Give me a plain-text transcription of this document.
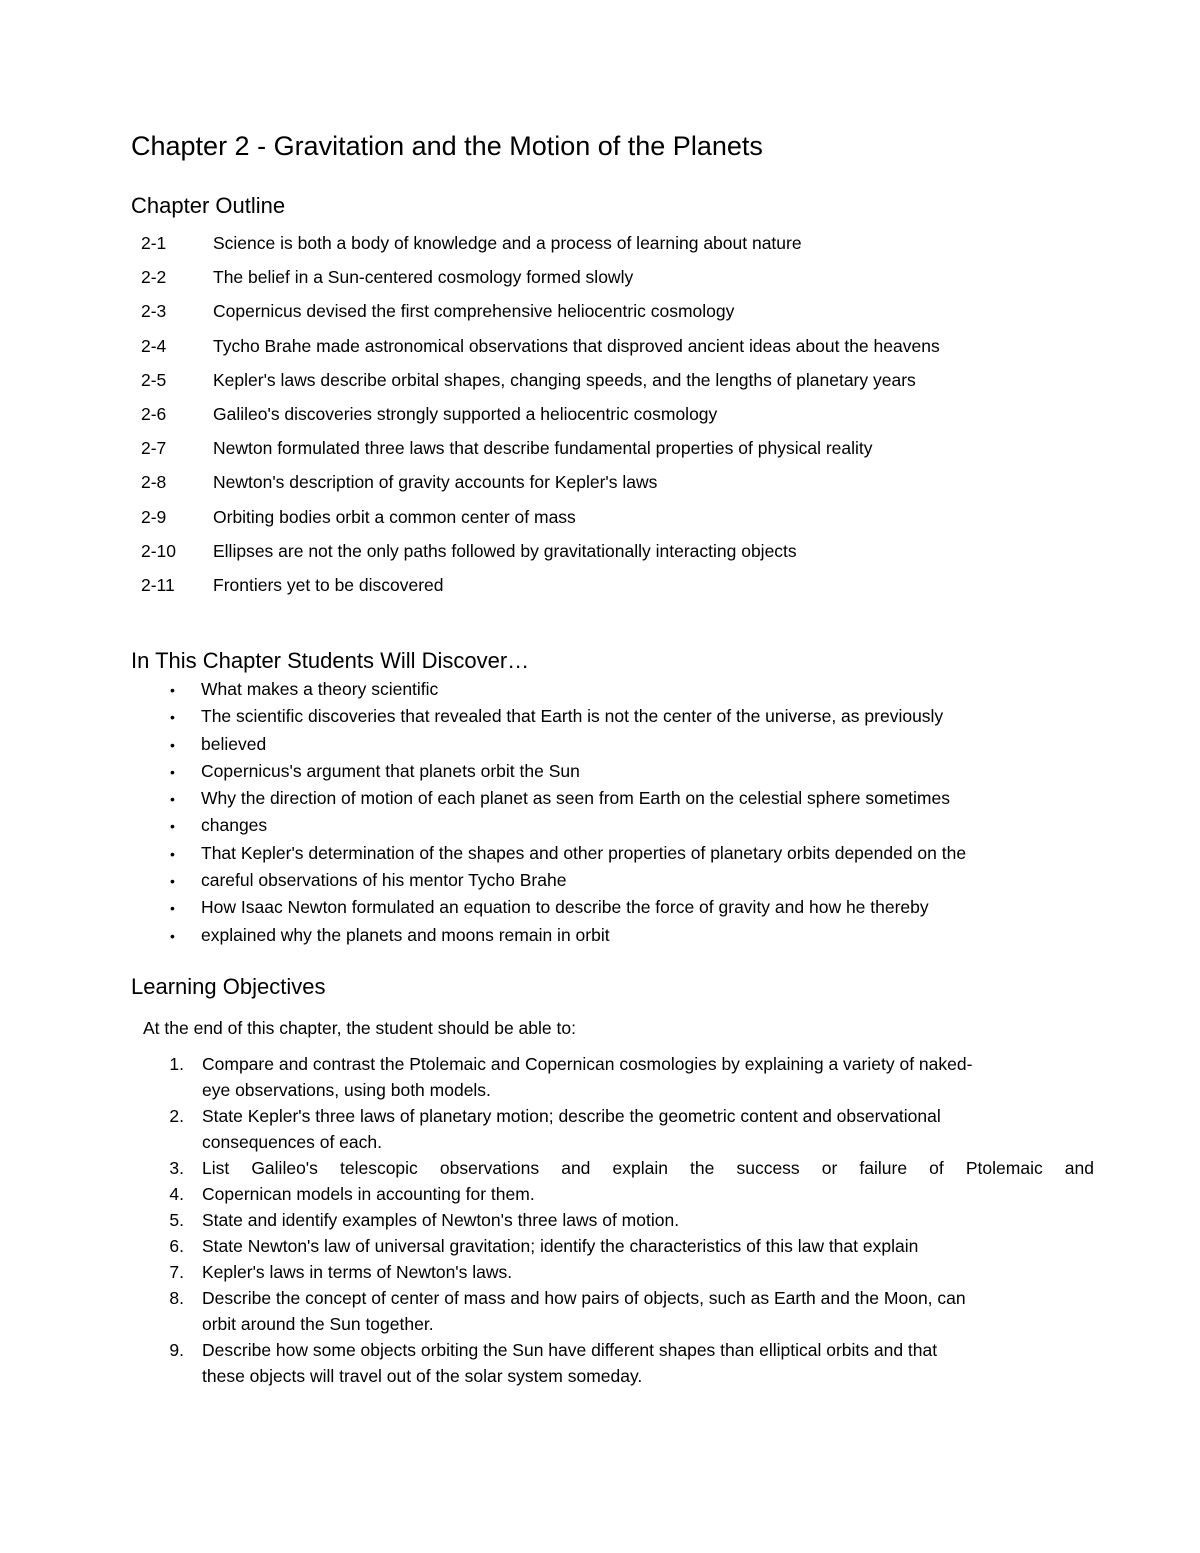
Chapter 2 - Gravitation and the Motion of the Planets
Chapter Outline
2-1	Science is both a body of knowledge and a process of learning about nature
2-2	The belief in a Sun-centered cosmology formed slowly
2-3	Copernicus devised the first comprehensive heliocentric cosmology
2-4	Tycho Brahe made astronomical observations that disproved ancient ideas about the heavens
2-5	Kepler's laws describe orbital shapes, changing speeds, and the lengths of planetary years
2-6	Galileo's discoveries strongly supported a heliocentric cosmology
2-7	Newton formulated three laws that describe fundamental properties of physical reality
2-8	Newton's description of gravity accounts for Kepler's laws
2-9	Orbiting bodies orbit a common center of mass
2-10 Ellipses are not the only paths followed by gravitationally interacting objects
2-11 Frontiers yet to be discovered
In This Chapter Students Will Discover…
• What makes a theory scientific
• The scientific discoveries that revealed that Earth is not the center of the universe, as previously
• believed
• Copernicus's argument that planets orbit the Sun
• Why the direction of motion of each planet as seen from Earth on the celestial sphere sometimes
• changes
• That Kepler's determination of the shapes and other properties of planetary orbits depended on the
• careful observations of his mentor Tycho Brahe
• How Isaac Newton formulated an equation to describe the force of gravity and how he thereby
• explained why the planets and moons remain in orbit
Learning Objectives

At the end of this chapter, the student should be able to:

1. Compare and contrast the Ptolemaic and Copernican cosmologies by explaining a variety of naked-
eye observations, using both models.
2. State Kepler's three laws of planetary motion; describe the geometric content and observational
consequences of each.
3. List Galileo's telescopic observations and explain the success or failure of Ptolemaic and
4. Copernican models in accounting for them.
5. State and identify examples of Newton's three laws of motion.
6. State Newton's law of universal gravitation; identify the characteristics of this law that explain
7. Kepler's laws in terms of Newton's laws.
8. Describe the concept of center of mass and how pairs of objects, such as Earth and the Moon, can
orbit around the Sun together.
9. Describe how some objects orbiting the Sun have different shapes than elliptical orbits and that
these objects will travel out of the solar system someday.
